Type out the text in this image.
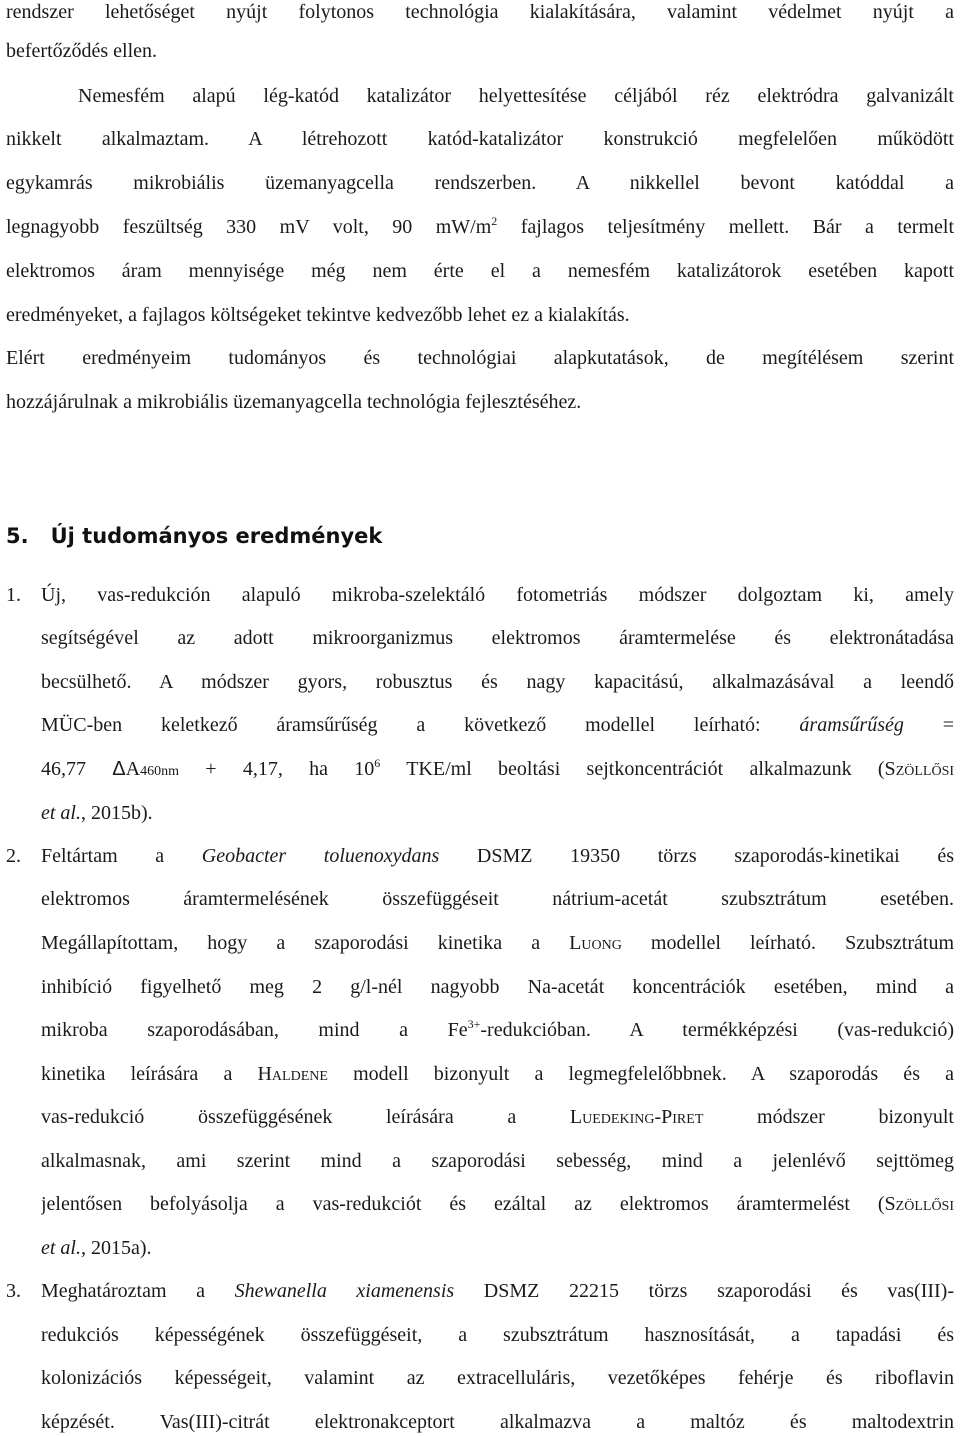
rendszer lehetőséget nyújt folytonos technológia kialakítására, valamint védelmet nyújt a
befertőződés ellen.
Nemesfém alapú lég-katód katalizátor helyettesítése céljából réz elektródra galvanizált
nikkelt alkalmaztam. A létrehozott katód-katalizátor konstrukció megfelelően működött
egykamrás mikrobiális üzemanyagcella rendszerben. A nikkellel bevont katóddal a
legnagyobb feszültség 330 mV volt, 90 $mW/m^2$ fajlagos teljesítmény mellett. Bár a termelt
elektromos áram mennyisége még nem érte el a nemesfém katalizátorok esetében kapott
eredményeket, a fajlagos költségeket tekintve kedvezőbb lehet ez a kialakítás.
Elért eredményeim tudományos és technológiai alapkutatások, de megítélésem szerint
hozzájárulnak a mikrobiális üzemanyagcella technológia fejlesztéséhez.
5. Új tudományos eredmények
1.	Új, vas-redukción alapuló mikroba-szelektáló fotometriás módszer dolgoztam ki, amely
segítségével az adott mikroorganizmus elektromos áramtermelése és elektronátadása
becsülhető. A módszer gyors, robusztus és nagy kapacitású, alkalmazásával a leendő
MÜC-ben keletkező áramsűrűség a következő modellel leírható: áramsűrűség =
46,77 ΔA460nm + 4,17, ha $10^6$ TKE/ml beoltási sejtkoncentrációt alkalmazunk (Szöllősi
et al., 2015b).
2.	Feltártam a Geobacter toluenoxydans DSMZ 19350 törzs szaporodás-kinetikai és
elektromos áramtermelésének összefüggéseit nátrium-acetát szubsztrátum esetében.
Megállapítottam, hogy a szaporodási kinetika a Luong modellel leírható. Szubsztrátum
inhibíció figyelhető meg 2 g/l-nél nagyobb Na-acetát koncentrációk esetében, mind a
mikroba szaporodásában, mind a $Fe^{3+}$-redukcióban. A termékképzési (vas-redukció)
kinetika leírására a Haldene modell bizonyult a legmegfelelőbbnek. A szaporodás és a
vas-redukció összefüggésének leírására a Luedeking-Piret módszer bizonyult
alkalmasnak, ami szerint mind a szaporodási sebesség, mind a jelenlévő sejttömeg
jelentősen befolyásolja a vas-redukciót és ezáltal az elektromos áramtermelést (Szöllősi
et al., 2015a).
3.	Meghatároztam a Shewanella xiamenensis DSMZ 22215 törzs szaporodási és vas(III)-
redukciós képességének összefüggéseit, a szubsztrátum hasznosítását, a tapadási és
kolonizációs képességeit, valamint az extracelluláris, vezetőképes fehérje és riboflavin
képzését. Vas(III)-citrát elektronakceptort alkalmazva a maltóz és maltodextrin
